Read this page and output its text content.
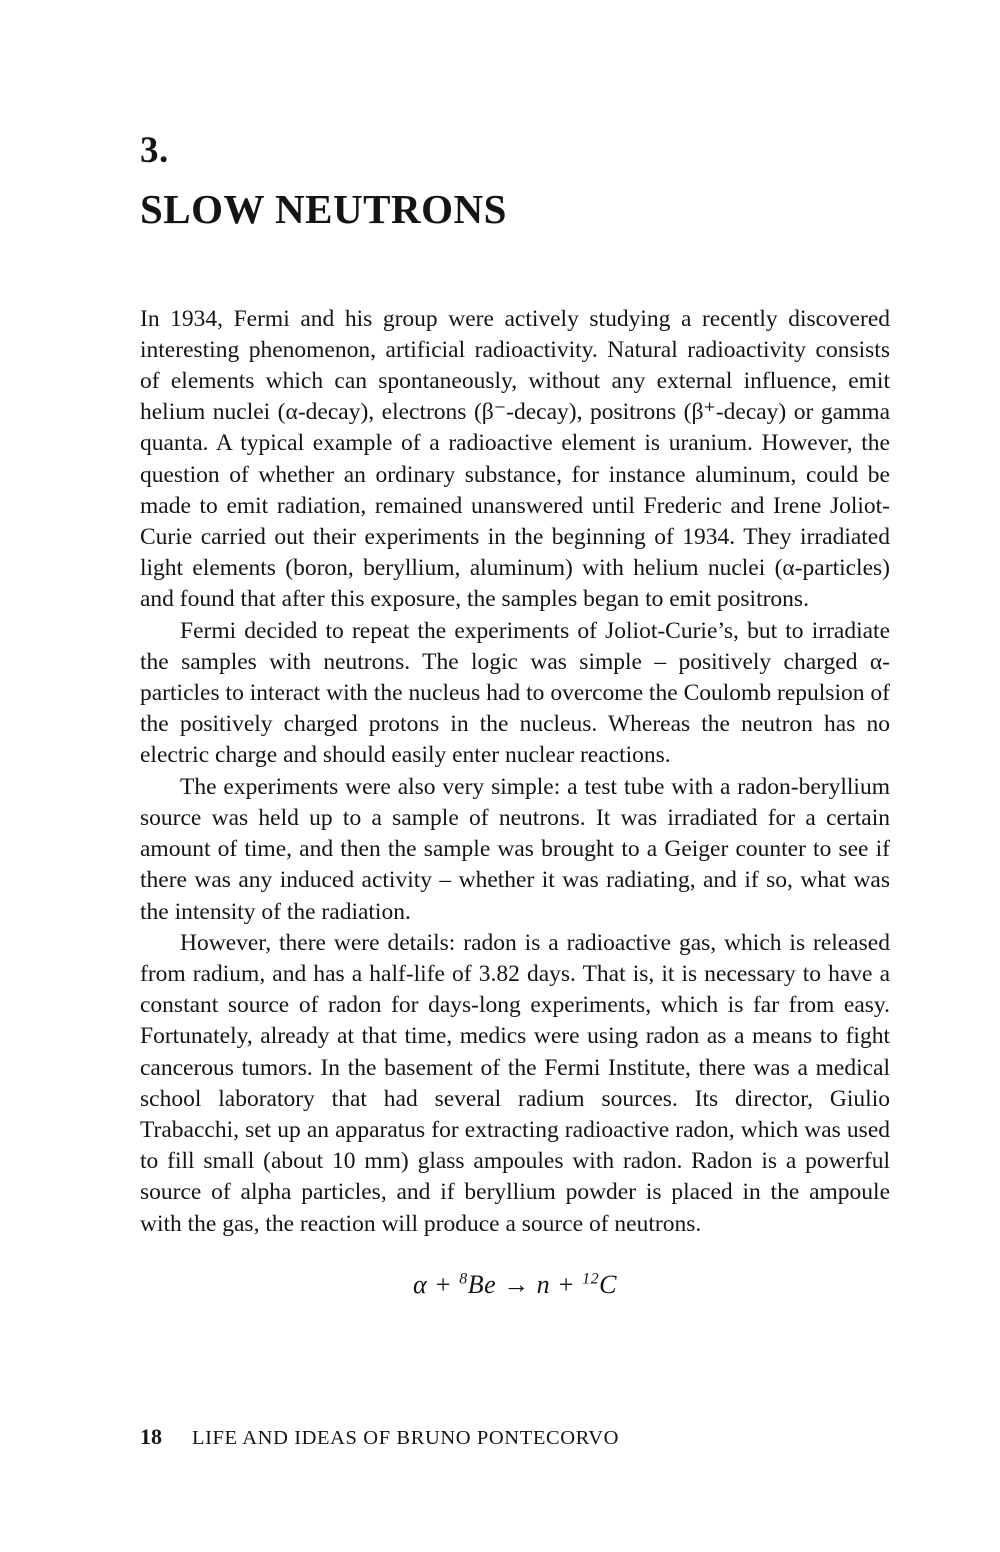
3.
SLOW NEUTRONS

In 1934, Fermi and his group were actively studying a recently discovered interesting phenomenon, artificial radioactivity. Natural radioactivity consists of elements which can spontaneously, without any external influence, emit helium nuclei (α-decay), electrons (β⁻-decay), positrons (β⁺-decay) or gamma quanta. A typical example of a radioactive element is uranium. However, the question of whether an ordinary substance, for instance aluminum, could be made to emit radiation, remained unanswered until Frederic and Irene Joliot-Curie carried out their experiments in the beginning of 1934. They irradiated light elements (boron, beryllium, aluminum) with helium nuclei (α-particles) and found that after this exposure, the samples began to emit positrons.

Fermi decided to repeat the experiments of Joliot-Curie’s, but to irradiate the samples with neutrons. The logic was simple – positively charged α-particles to interact with the nucleus had to overcome the Coulomb repulsion of the positively charged protons in the nucleus. Whereas the neutron has no electric charge and should easily enter nuclear reactions.

The experiments were also very simple: a test tube with a radon-beryllium source was held up to a sample of neutrons. It was irradiated for a certain amount of time, and then the sample was brought to a Geiger counter to see if there was any induced activity – whether it was radiating, and if so, what was the intensity of the radiation.

However, there were details: radon is a radioactive gas, which is released from radium, and has a half-life of 3.82 days. That is, it is necessary to have a constant source of radon for days-long experiments, which is far from easy. Fortunately, already at that time, medics were using radon as a means to fight cancerous tumors. In the basement of the Fermi Institute, there was a medical school laboratory that had several radium sources. Its director, Giulio Trabacchi, set up an apparatus for extracting radioactive radon, which was used to fill small (about 10 mm) glass ampoules with radon. Radon is a powerful source of alpha particles, and if beryllium powder is placed in the ampoule with the gas, the reaction will produce a source of neutrons.

α + $^8$Be → n + $^{12}$C
18 LIFE AND IDEAS OF BRUNO PONTECORVO
